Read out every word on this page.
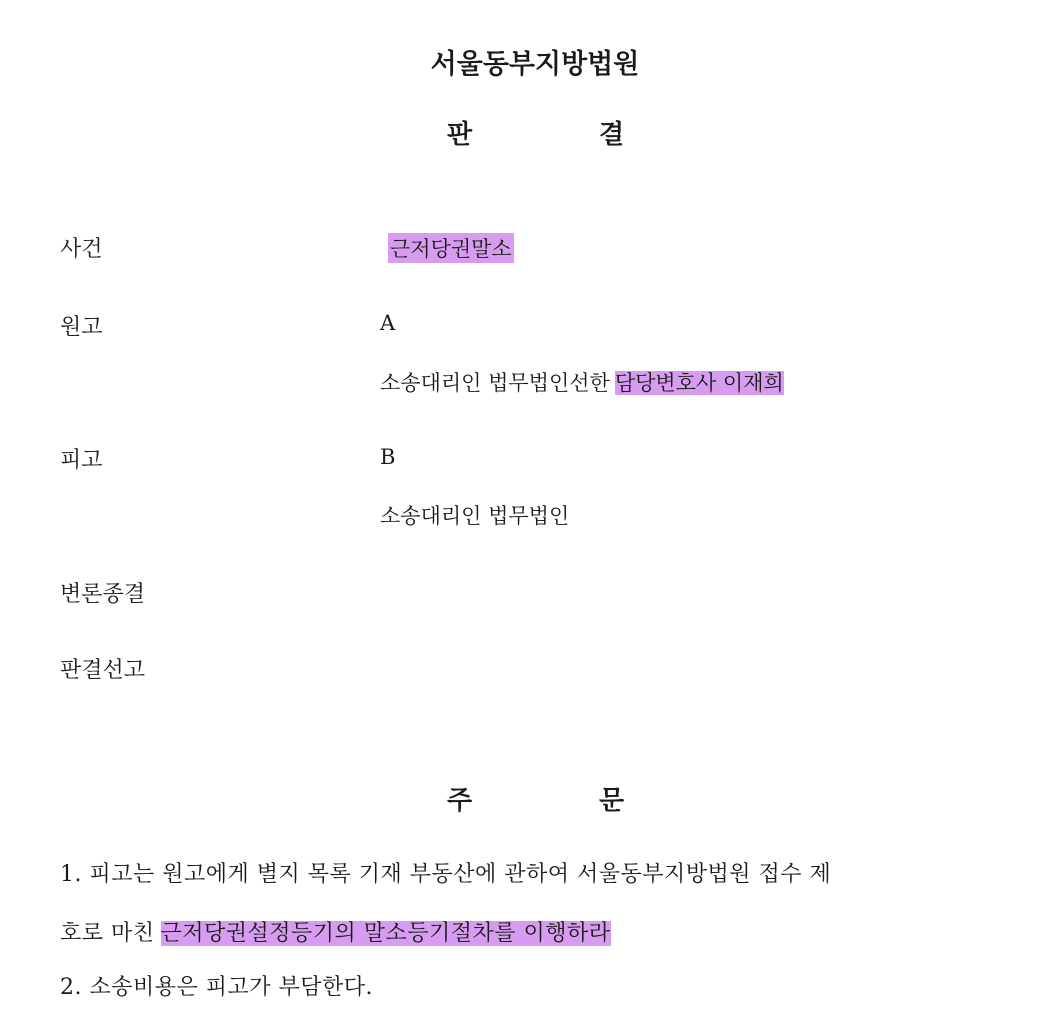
서울동부지방법원
판	결
사건	근저당권말소
원고	A
소송대리인 법무법인선한 담당변호사 이재희
피고	B
소송대리인 법무법인
변론종결
판결선고
주	문
1. 피고는 원고에게 별지 목록 기재 부동산에 관하여 서울동부지방법원 접수 제
호로 마친 근저당권설정등기의 말소등기절차를 이행하라
2. 소송비용은 피고가 부담한다.
